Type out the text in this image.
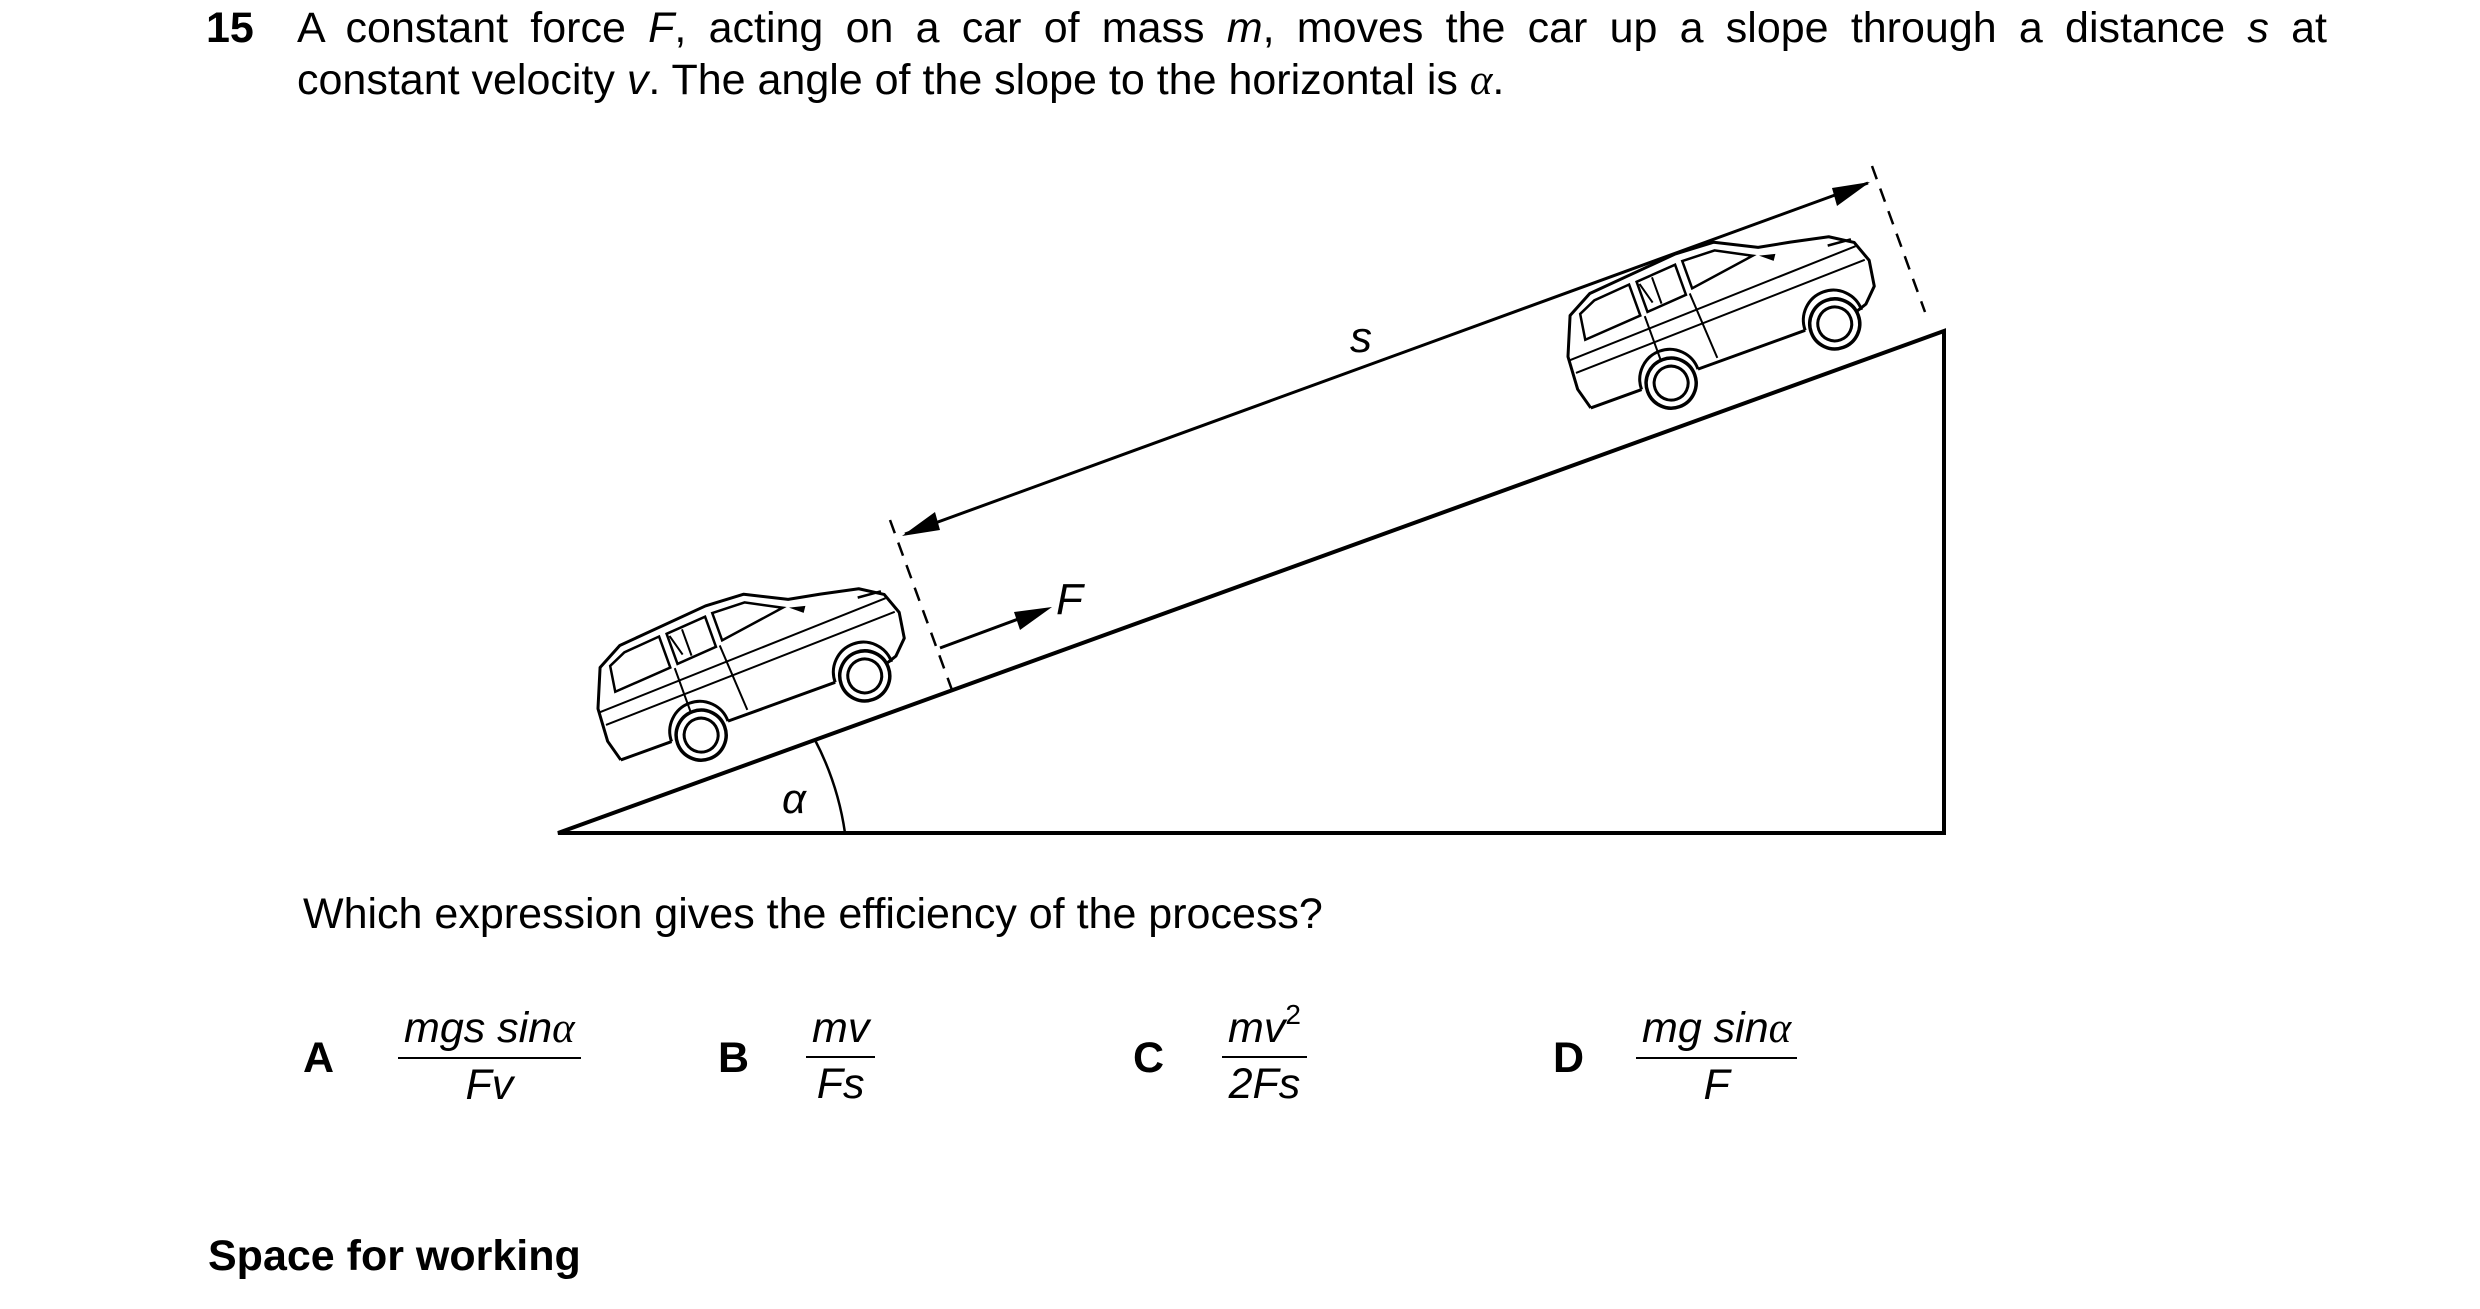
15 A constant force F, acting on a car of mass m, moves the car up a slope through a distance s at
constant velocity v. The angle of the slope to the horizontal is α.
α
s
F
Which expression gives the efficiency of the process?
A
mgs sinα
Fv
B
mv
Fs
C
$mv^2$
2Fs
D
mg sinα
F
Space for working
